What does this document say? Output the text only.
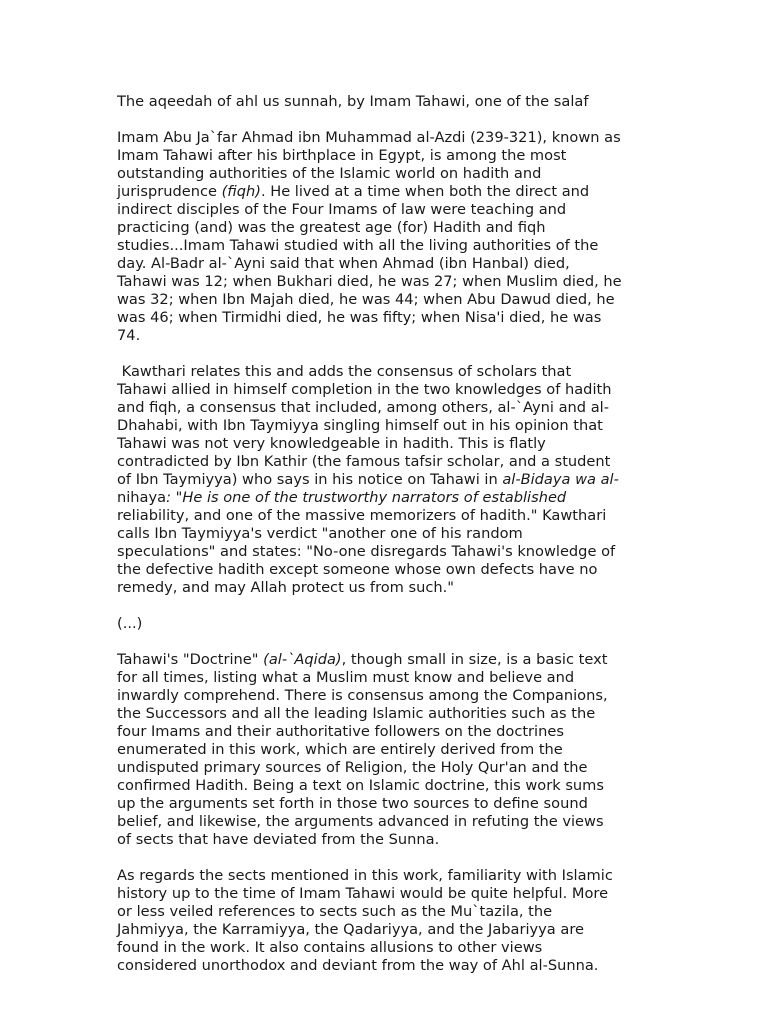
The aqeedah of ahl us sunnah, by Imam Tahawi, one of the salaf

Imam Abu Ja`far Ahmad ibn Muhammad al-Azdi (239-321), known as
Imam Tahawi after his birthplace in Egypt, is among the most
outstanding authorities of the Islamic world on hadith and
jurisprudence (fiqh). He lived at a time when both the direct and
indirect disciples of the Four Imams of law were teaching and
practicing (and) was the greatest age (for) Hadith and fiqh
studies...Imam Tahawi studied with all the living authorities of the
day. Al-Badr al-`Ayni said that when Ahmad (ibn Hanbal) died,
Tahawi was 12; when Bukhari died, he was 27; when Muslim died, he
was 32; when Ibn Majah died, he was 44; when Abu Dawud died, he
was 46; when Tirmidhi died, he was fifty; when Nisa'i died, he was
74.
Kawthari relates this and adds the consensus of scholars that
Tahawi allied in himself completion in the two knowledges of hadith
and fiqh, a consensus that included, among others, al-`Ayni and al-
Dhahabi, with Ibn Taymiyya singling himself out in his opinion that
Tahawi was not very knowledgeable in hadith. This is flatly
contradicted by Ibn Kathir (the famous tafsir scholar, and a student
of Ibn Taymiyya) who says in his notice on Tahawi in al-Bidaya wa al-
nihaya: "He is one of the trustworthy narrators of established
reliability, and one of the massive memorizers of hadith." Kawthari
calls Ibn Taymiyya's verdict "another one of his random
speculations" and states: "No-one disregards Tahawi's knowledge of
the defective hadith except someone whose own defects have no
remedy, and may Allah protect us from such."
(...)
Tahawi's "Doctrine" (al-`Aqida), though small in size, is a basic text
for all times, listing what a Muslim must know and believe and
inwardly comprehend. There is consensus among the Companions,
the Successors and all the leading Islamic authorities such as the
four Imams and their authoritative followers on the doctrines
enumerated in this work, which are entirely derived from the
undisputed primary sources of Religion, the Holy Qur'an and the
confirmed Hadith. Being a text on Islamic doctrine, this work sums
up the arguments set forth in those two sources to define sound
belief, and likewise, the arguments advanced in refuting the views
of sects that have deviated from the Sunna.
As regards the sects mentioned in this work, familiarity with Islamic
history up to the time of Imam Tahawi would be quite helpful. More
or less veiled references to sects such as the Mu`tazila, the
Jahmiyya, the Karramiyya, the Qadariyya, and the Jabariyya are
found in the work. It also contains allusions to other views
considered unorthodox and deviant from the way of Ahl al-Sunna.
